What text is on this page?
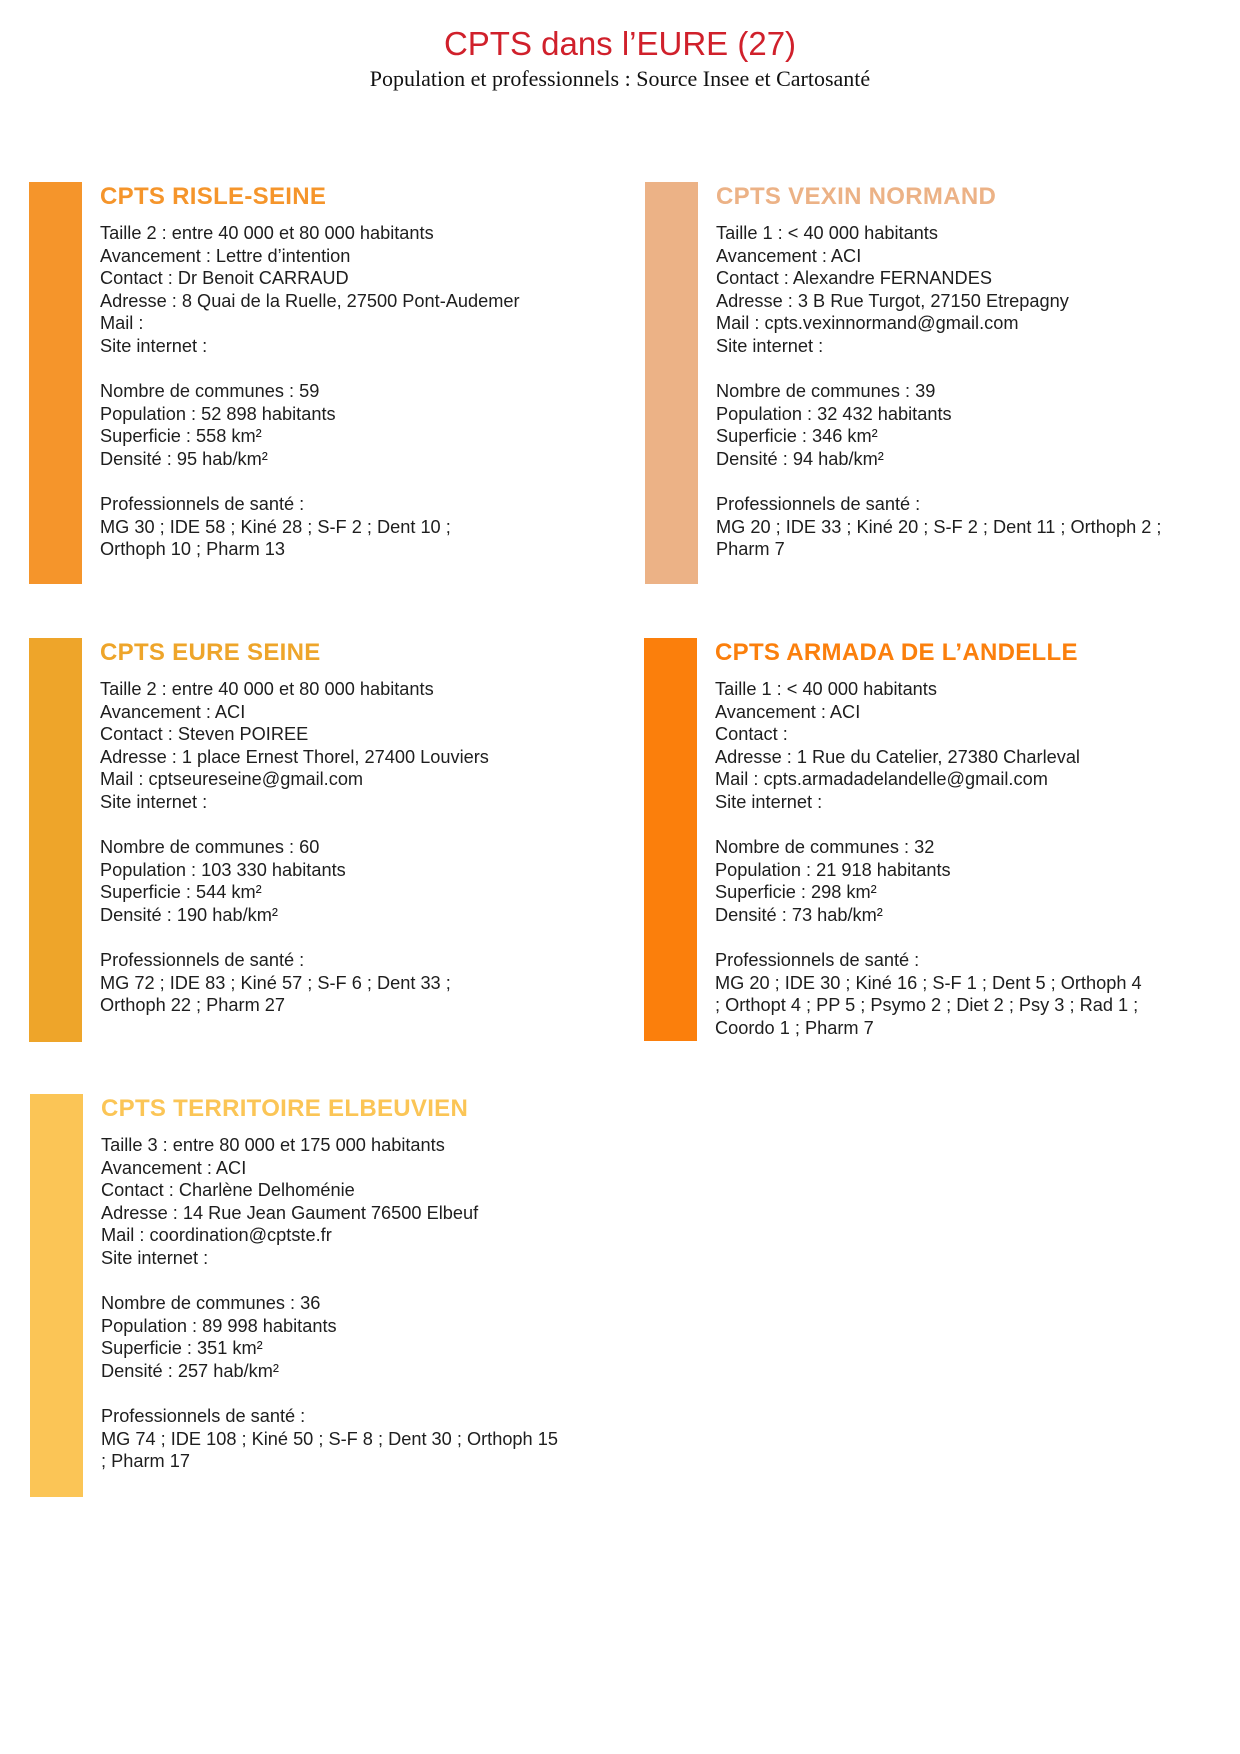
CPTS dans l’EURE (27)
Population et professionnels : Source Insee et Cartosanté
CPTS RISLE-SEINE
Taille 2 : entre 40 000 et 80 000 habitants
Avancement : Lettre d’intention
Contact : Dr Benoit CARRAUD
Adresse : 8 Quai de la Ruelle, 27500 Pont-Audemer
Mail :
Site internet :
Nombre de communes : 59
Population : 52 898 habitants
Superficie : 558 km²
Densité : 95 hab/km²
Professionnels de santé :
MG 30 ; IDE 58 ; Kiné 28 ; S-F 2 ; Dent 10 ;
Orthoph 10 ; Pharm 13
CPTS VEXIN NORMAND
Taille 1 : < 40 000 habitants
Avancement : ACI
Contact : Alexandre FERNANDES
Adresse : 3 B Rue Turgot, 27150 Etrepagny
Mail : cpts.vexinnormand@gmail.com
Site internet :
Nombre de communes : 39
Population : 32 432 habitants
Superficie : 346 km²
Densité : 94 hab/km²
Professionnels de santé :
MG 20 ; IDE 33 ; Kiné 20 ; S-F 2 ; Dent 11 ; Orthoph 2 ;
Pharm 7
CPTS EURE SEINE
Taille 2 : entre 40 000 et 80 000 habitants
Avancement : ACI
Contact : Steven POIREE
Adresse : 1 place Ernest Thorel, 27400 Louviers
Mail : cptseureseine@gmail.com
Site internet :
Nombre de communes : 60
Population : 103 330 habitants
Superficie : 544 km²
Densité : 190 hab/km²
Professionnels de santé :
MG 72 ; IDE 83 ; Kiné 57 ; S-F 6 ; Dent 33 ;
Orthoph 22 ; Pharm 27
CPTS ARMADA DE L’ANDELLE
Taille 1 : < 40 000 habitants
Avancement : ACI
Contact :
Adresse : 1 Rue du Catelier, 27380 Charleval
Mail : cpts.armadadelandelle@gmail.com
Site internet :
Nombre de communes : 32
Population : 21 918 habitants
Superficie : 298 km²
Densité : 73 hab/km²
Professionnels de santé :
MG 20 ; IDE 30 ; Kiné 16 ; S-F 1 ; Dent 5 ; Orthoph 4
; Orthopt 4 ; PP 5 ; Psymo 2 ; Diet 2 ; Psy 3 ; Rad 1 ;
Coordo 1 ; Pharm 7
CPTS TERRITOIRE ELBEUVIEN
Taille 3 : entre 80 000 et 175 000 habitants
Avancement : ACI
Contact : Charlène Delhoménie
Adresse : 14 Rue Jean Gaument 76500 Elbeuf
Mail : coordination@cptste.fr
Site internet :
Nombre de communes : 36
Population : 89 998 habitants
Superficie : 351 km²
Densité : 257 hab/km²
Professionnels de santé :
MG 74 ; IDE 108 ; Kiné 50 ; S-F 8 ; Dent 30 ; Orthoph 15
; Pharm 17
